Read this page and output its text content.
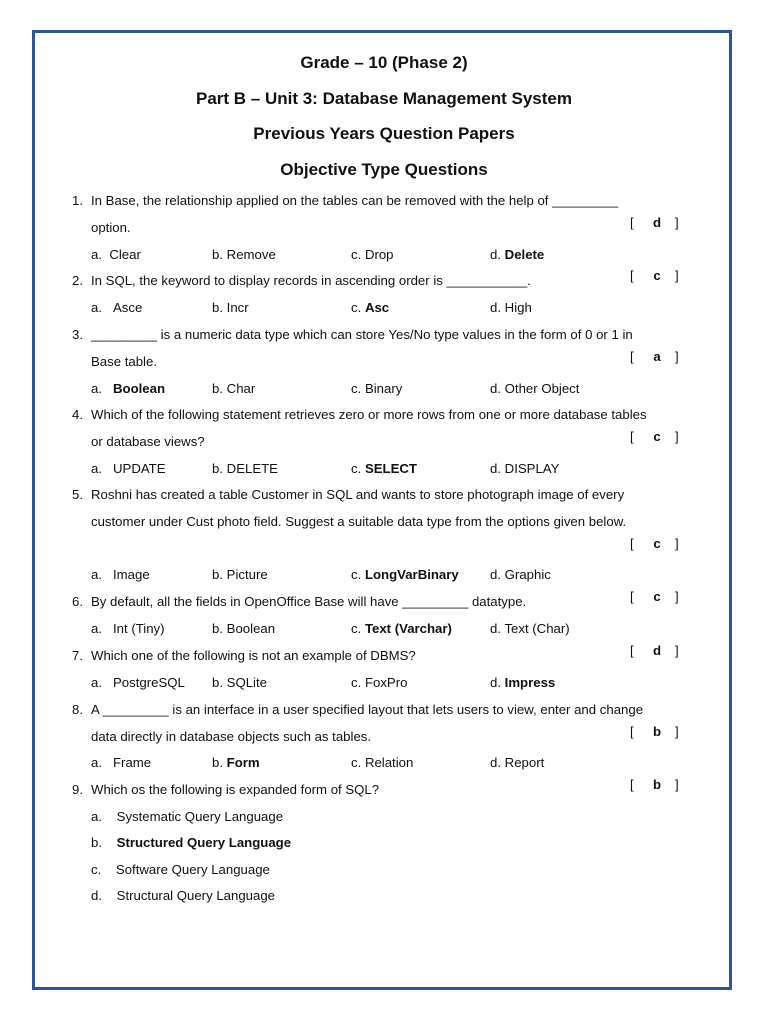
Grade – 10 (Phase 2)
Part B – Unit 3: Database Management System
Previous Years Question Papers
Objective Type Questions
1. In Base, the relationship applied on the tables can be removed with the help of _________
option.	[ d ]
a. Clear	b. Remove	c. Drop	d. Delete
2. In SQL, the keyword to display records in ascending order is ___________.	[ c ]
a. Asce	b. Incr	c. Asc	d. High
3. _________ is a numeric data type which can store Yes/No type values in the form of 0 or 1 in
Base table.	[ a ]
a. Boolean	b. Char	c. Binary	d. Other Object
4. Which of the following statement retrieves zero or more rows from one or more database tables
or database views?	[ c ]
a. UPDATE	b. DELETE	c. SELECT	d. DISPLAY
5. Roshni has created a table Customer in SQL and wants to store photograph image of every
customer under Cust photo field. Suggest a suitable data type from the options given below.
[ c ]
a. Image	b. Picture	c. LongVarBinary d. Graphic
6. By default, all the fields in OpenOffice Base will have _________ datatype.	[ c ]
a. Int (Tiny)	b. Boolean	c. Text (Varchar)	d. Text (Char)
7. Which one of the following is not an example of DBMS?	[ d ]
a. PostgreSQL b. SQLite	c. FoxPro	d. Impress
8. A _________ is an interface in a user specified layout that lets users to view, enter and change
data directly in database objects such as tables.	[ b ]
a. Frame	b. Form	c. Relation	d. Report
9. Which os the following is expanded form of SQL?	[ b ]
a. Systematic Query Language
b. Structured Query Language
c. Software Query Language
d. Structural Query Language
